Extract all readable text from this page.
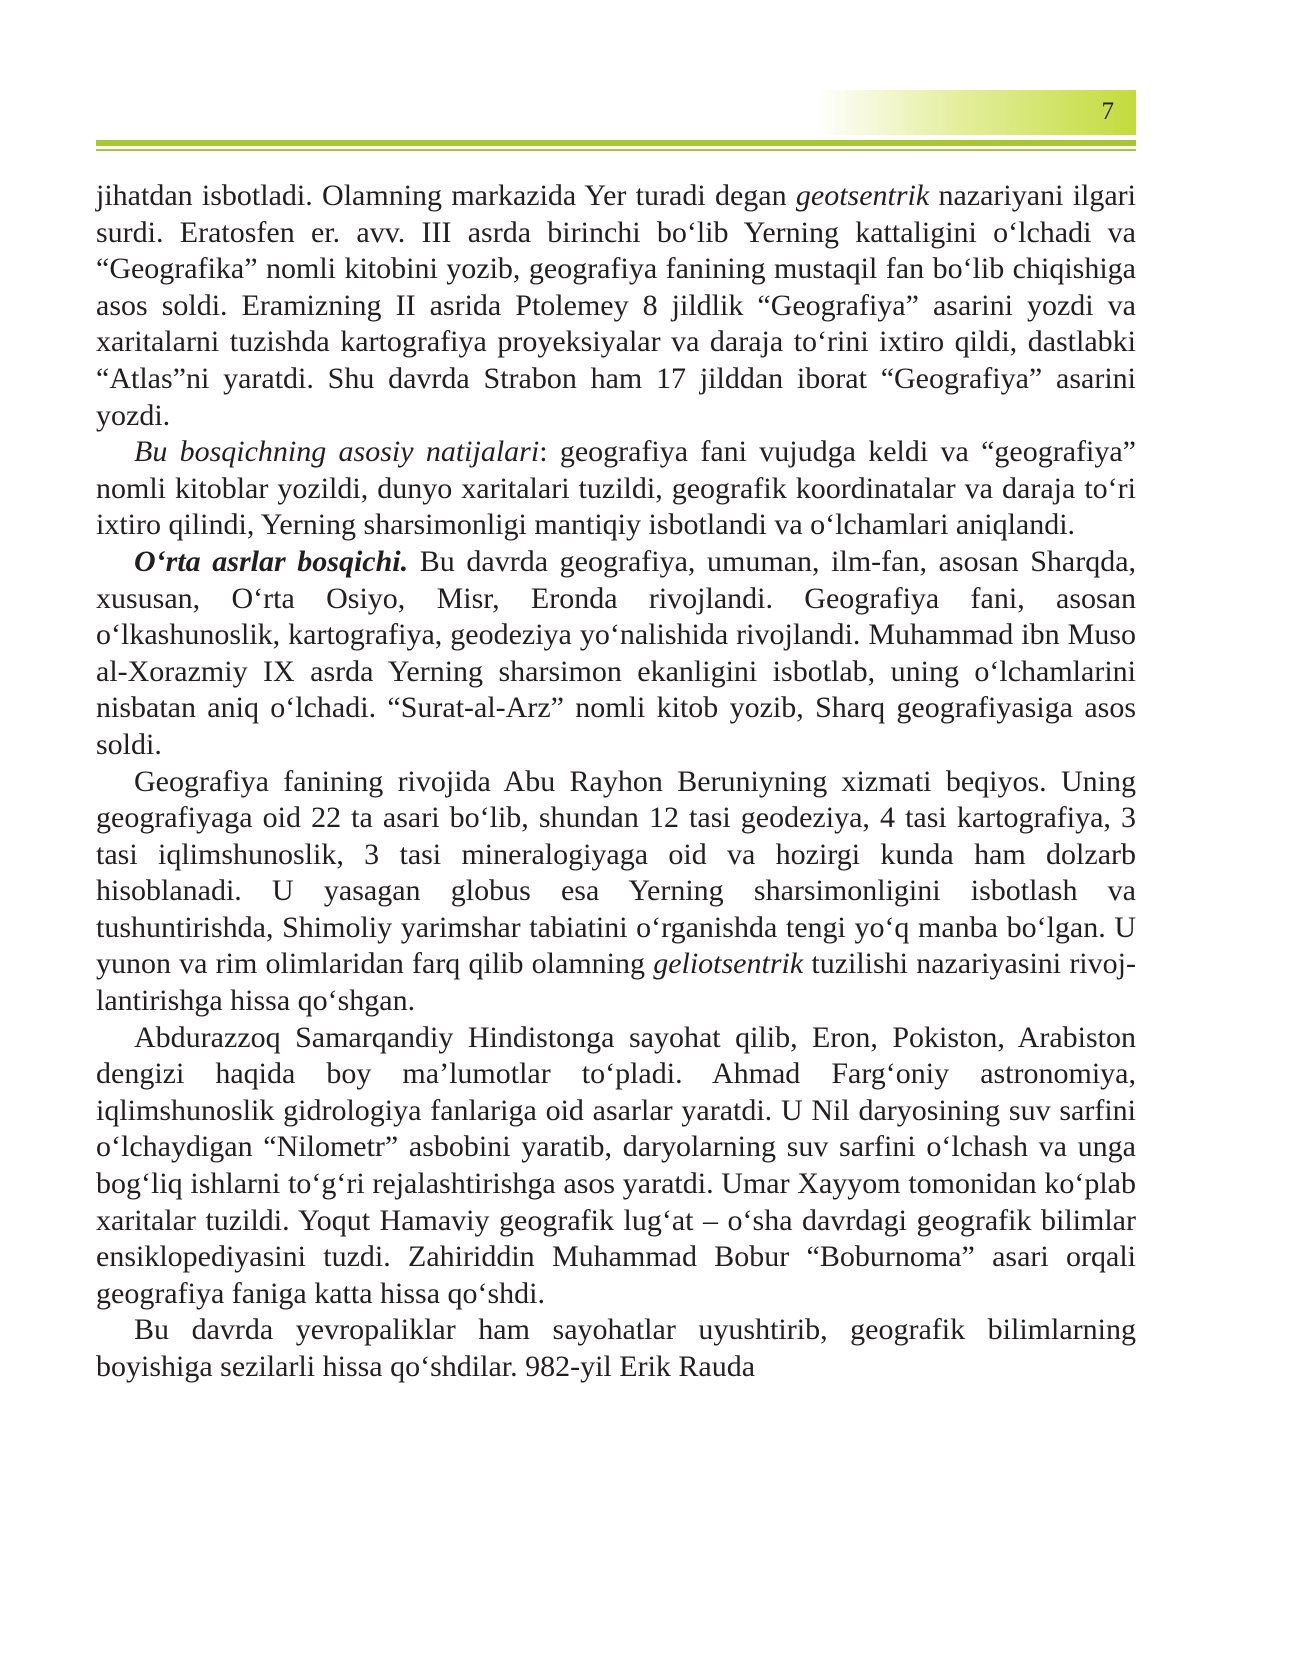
7

jihatdan isbotladi. Olamning markazida Yer turadi degan geotsentrik nazariyani ilgari surdi. Eratosfen er. avv. III asrda birinchi bo‘lib Yerning kattaligini o‘lchadi va “Geografika” nomli kitobini yozib, geografiya fanining mustaqil fan bo‘lib chiqishiga asos soldi. Eramizning II asrida Ptolemey 8 jildlik “Geografiya” asarini yozdi va xaritalarni tuzishda kartografiya proyeksiyalar va daraja to‘rini ixtiro qildi, dastlabki “Atlas”ni yaratdi. Shu davrda Strabon ham 17 jilddan iborat “Geografiya” asarini yozdi.

Bu bosqichning asosiy natijalari: geografiya fani vujudga keldi va “geografiya” nomli kitoblar yozildi, dunyo xaritalari tuzildi, geografik koordinatalar va daraja to‘ri ixtiro qilindi, Yerning sharsimonligi mantiqiy isbotlandi va o‘lchamlari aniqlandi.

O‘rta asrlar bosqichi. Bu davrda geografiya, umuman, ilm-fan, asosan Sharqda, xususan, O‘rta Osiyo, Misr, Eronda rivojlandi. Geografiya fani, asosan o‘lkashunoslik, kartografiya, geodeziya yo‘nalishida rivojlandi. Muhammad ibn Muso al-Xorazmiy IX asrda Yerning sharsimon ekanligini isbotlab, uning o‘lchamlarini nisbatan aniq o‘lchadi. “Surat-al-Arz” nomli kitob yozib, Sharq geografiyasiga asos soldi.

Geografiya fanining rivojida Abu Rayhon Beruniyning xizmati beqiyos. Uning geografiyaga oid 22 ta asari bo‘lib, shundan 12 tasi geodeziya, 4 tasi kartografiya, 3 tasi iqlimshunoslik, 3 tasi mineralogiyaga oid va hozirgi kunda ham dolzarb hisoblanadi. U yasagan globus esa Yerning sharsimonligini isbotlash va tushuntirishda, Shimoliy yarimshar tabiatini o‘rganishda tengi yo‘q manba bo‘lgan. U yunon va rim olimlaridan farq qilib olamning geliotsentrik tuzilishi nazariyasini rivojlantirishga hissa qo‘shgan.

Abdurazzoq Samarqandiy Hindistonga sayohat qilib, Eron, Pokiston, Arabiston dengizi haqida boy ma’lumotlar to‘pladi. Ahmad Farg‘oniy astronomiya, iqlimshunoslik gidrologiya fanlariga oid asarlar yaratdi. U Nil daryosining suv sarfini o‘lchaydigan “Nilometr” asbobini yaratib, daryolarning suv sarfini o‘lchash va unga bog‘liq ishlarni to‘g‘ri rejalashtirishga asos yaratdi. Umar Xayyom tomonidan ko‘plab xaritalar tuzildi. Yoqut Hamaviy geografik lug‘at – o‘sha davrdagi geografik bilimlar ensiklopediyasini tuzdi. Zahiriddin Muhammad Bobur “Boburnoma” asari orqali geografiya faniga katta hissa qo‘shdi.

Bu davrda yevropaliklar ham sayohatlar uyushtirib, geografik bilimlarning boyishiga sezilarli hissa qo‘shdilar. 982-yil Erik Rauda
